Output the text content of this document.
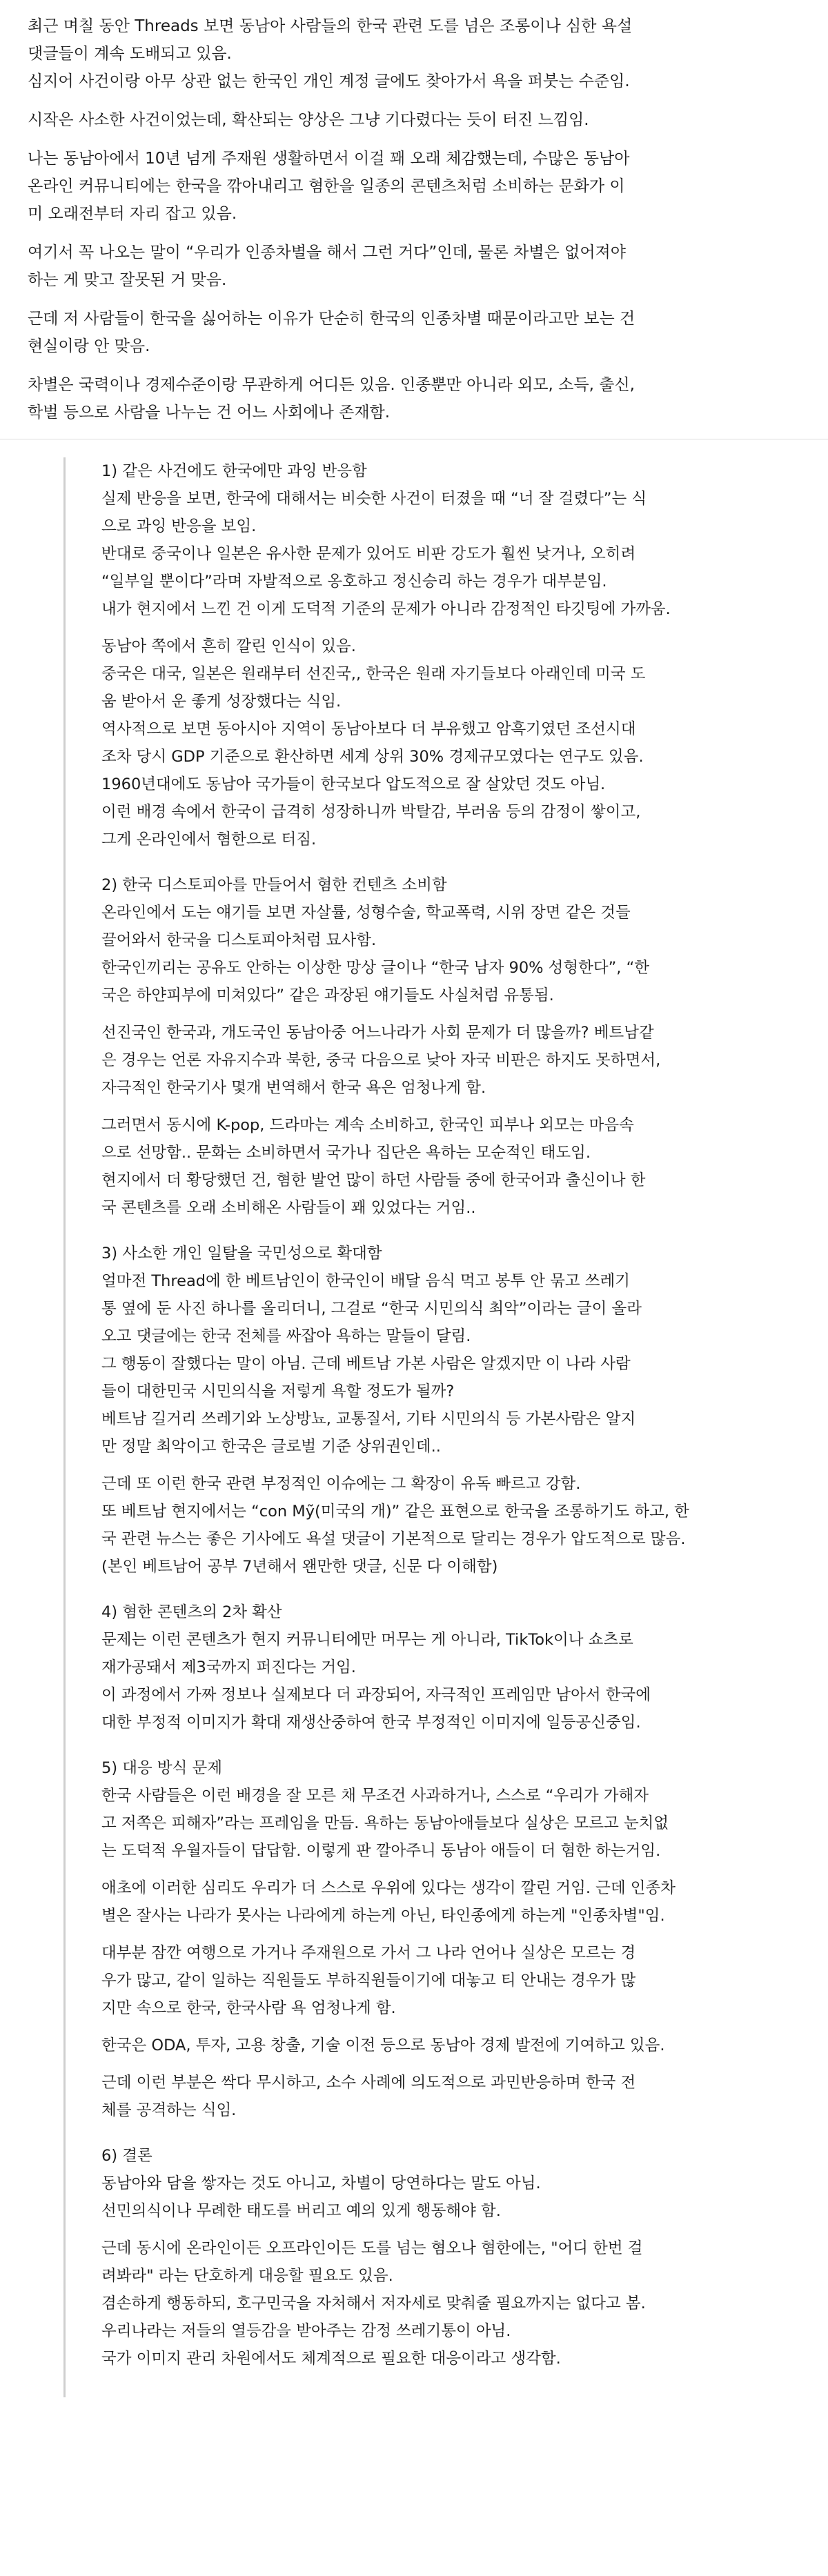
최근 며칠 동안 Threads 보면 동남아 사람들의 한국 관련 도를 넘은 조롱이나 심한 욕설
댓글들이 계속 도배되고 있음.
심지어 사건이랑 아무 상관 없는 한국인 개인 계정 글에도 찾아가서 욕을 퍼붓는 수준임.

시작은 사소한 사건이었는데, 확산되는 양상은 그냥 기다렸다는 듯이 터진 느낌임.

나는 동남아에서 10년 넘게 주재원 생활하면서 이걸 꽤 오래 체감했는데, 수많은 동남아
온라인 커뮤니티에는 한국을 깎아내리고 혐한을 일종의 콘텐츠처럼 소비하는 문화가 이
미 오래전부터 자리 잡고 있음.

여기서 꼭 나오는 말이 “우리가 인종차별을 해서 그런 거다”인데, 물론 차별은 없어져야
하는 게 맞고 잘못된 거 맞음.

근데 저 사람들이 한국을 싫어하는 이유가 단순히 한국의 인종차별 때문이라고만 보는 건
현실이랑 안 맞음.

차별은 국력이나 경제수준이랑 무관하게 어디든 있음. 인종뿐만 아니라 외모, 소득, 출신,
학벌 등으로 사람을 나누는 건 어느 사회에나 존재함.

1) 같은 사건에도 한국에만 과잉 반응함

실제 반응을 보면, 한국에 대해서는 비슷한 사건이 터졌을 때 “너 잘 걸렸다”는 식
으로 과잉 반응을 보임.
반대로 중국이나 일본은 유사한 문제가 있어도 비판 강도가 훨씬 낮거나, 오히려
“일부일 뿐이다”라며 자발적으로 옹호하고 정신승리 하는 경우가 대부분임.
내가 현지에서 느낀 건 이게 도덕적 기준의 문제가 아니라 감정적인 타깃팅에 가까움.

동남아 쪽에서 흔히 깔린 인식이 있음.
중국은 대국, 일본은 원래부터 선진국,, 한국은 원래 자기들보다 아래인데 미국 도
움 받아서 운 좋게 성장했다는 식임.
역사적으로 보면 동아시아 지역이 동남아보다 더 부유했고 암흑기였던 조선시대
조차 당시 GDP 기준으로 환산하면 세계 상위 30% 경제규모였다는 연구도 있음.
1960년대에도 동남아 국가들이 한국보다 압도적으로 잘 살았던 것도 아님.
이런 배경 속에서 한국이 급격히 성장하니까 박탈감, 부러움 등의 감정이 쌓이고,
그게 온라인에서 혐한으로 터짐.

2) 한국 디스토피아를 만들어서 혐한 컨텐츠 소비함

온라인에서 도는 얘기들 보면 자살률, 성형수술, 학교폭력, 시위 장면 같은 것들
끌어와서 한국을 디스토피아처럼 묘사함.
한국인끼리는 공유도 안하는 이상한 망상 글이나 “한국 남자 90% 성형한다”, “한
국은 하얀피부에 미쳐있다” 같은 과장된 얘기들도 사실처럼 유통됨.

선진국인 한국과, 개도국인 동남아중 어느나라가 사회 문제가 더 많을까? 베트남같
은 경우는 언론 자유지수과 북한, 중국 다음으로 낮아 자국 비판은 하지도 못하면서,
자극적인 한국기사 몇개 번역해서 한국 욕은 엄청나게 함.

그러면서 동시에 K-pop, 드라마는 계속 소비하고, 한국인 피부나 외모는 마음속
으로 선망함.. 문화는 소비하면서 국가나 집단은 욕하는 모순적인 태도임.
현지에서 더 황당했던 건, 혐한 발언 많이 하던 사람들 중에 한국어과 출신이나 한
국 콘텐츠를 오래 소비해온 사람들이 꽤 있었다는 거임..

3) 사소한 개인 일탈을 국민성으로 확대함

얼마전 Thread에 한 베트남인이 한국인이 배달 음식 먹고 봉투 안 묶고 쓰레기
통 옆에 둔 사진 하나를 올리더니, 그걸로 “한국 시민의식 최악”이라는 글이 올라
오고 댓글에는 한국 전체를 싸잡아 욕하는 말들이 달림.
그 행동이 잘했다는 말이 아님. 근데 베트남 가본 사람은 알겠지만 이 나라 사람
들이 대한민국 시민의식을 저렇게 욕할 정도가 될까?
베트남 길거리 쓰레기와 노상방뇨, 교통질서, 기타 시민의식 등 가본사람은 알지
만 정말 최악이고 한국은 글로벌 기준 상위권인데..

근데 또 이런 한국 관련 부정적인 이슈에는 그 확장이 유독 빠르고 강함.
또 베트남 현지에서는 “con Mỹ(미국의 개)” 같은 표현으로 한국을 조롱하기도 하고, 한
국 관련 뉴스는 좋은 기사에도 욕설 댓글이 기본적으로 달리는 경우가 압도적으로 많음.
(본인 베트남어 공부 7년해서 왠만한 댓글, 신문 다 이해함)

4) 혐한 콘텐츠의 2차 확산

문제는 이런 콘텐츠가 현지 커뮤니티에만 머무는 게 아니라, TikTok이나 쇼츠로
재가공돼서 제3국까지 퍼진다는 거임.
이 과정에서 가짜 정보나 실제보다 더 과장되어, 자극적인 프레임만 남아서 한국에
대한 부정적 이미지가 확대 재생산중하여 한국 부정적인 이미지에 일등공신중임.

5) 대응 방식 문제

한국 사람들은 이런 배경을 잘 모른 채 무조건 사과하거나, 스스로 “우리가 가해자
고 저쪽은 피해자”라는 프레임을 만듬. 욕하는 동남아애들보다 실상은 모르고 눈치없
는 도덕적 우월자들이 답답함. 이렇게 판 깔아주니 동남아 애들이 더 혐한 하는거임.

애초에 이러한 심리도 우리가 더 스스로 우위에 있다는 생각이 깔린 거임. 근데 인종차
별은 잘사는 나라가 못사는 나라에게 하는게 아닌, 타인종에게 하는게 "인종차별"임.

대부분 잠깐 여행으로 가거나 주재원으로 가서 그 나라 언어나 실상은 모르는 경
우가 많고, 같이 일하는 직원들도 부하직원들이기에 대놓고 티 안내는 경우가 많
지만 속으로 한국, 한국사람 욕 엄청나게 함.

한국은 ODA, 투자, 고용 창출, 기술 이전 등으로 동남아 경제 발전에 기여하고 있음.

근데 이런 부분은 싹다 무시하고, 소수 사례에 의도적으로 과민반응하며 한국 전
체를 공격하는 식임.

6) 결론

동남아와 담을 쌓자는 것도 아니고, 차별이 당연하다는 말도 아님.
선민의식이나 무례한 태도를 버리고 예의 있게 행동해야 함.

근데 동시에 온라인이든 오프라인이든 도를 넘는 혐오나 혐한에는, "어디 한번 걸
려봐라" 라는 단호하게 대응할 필요도 있음.
겸손하게 행동하되, 호구민국을 자처해서 저자세로 맞춰줄 필요까지는 없다고 봄.
우리나라는 저들의 열등감을 받아주는 감정 쓰레기통이 아님.
국가 이미지 관리 차원에서도 체계적으로 필요한 대응이라고 생각함.
